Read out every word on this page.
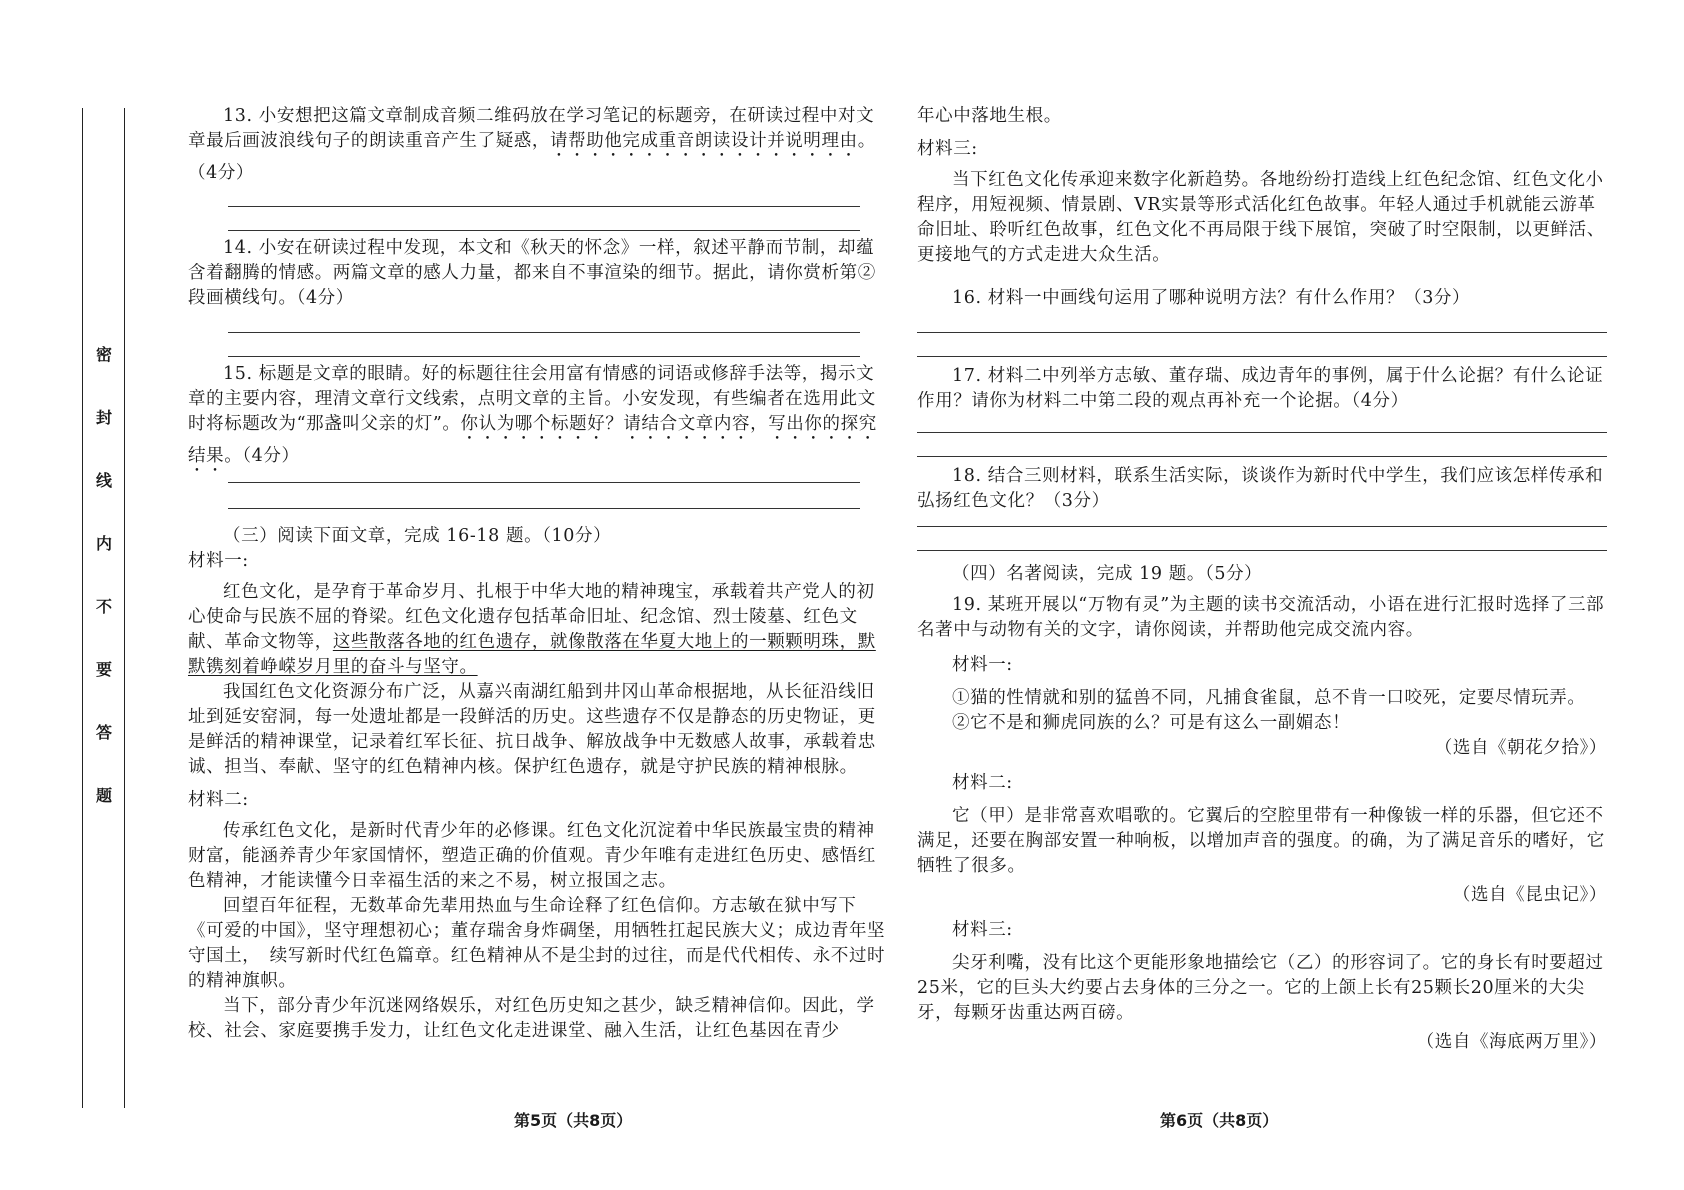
密
封
线
内
不
要
答
题

13. 小安想把这篇文章制成音频二维码放在学习笔记的标题旁，在研读过程中对文章最后画波浪线句子的朗读重音产生了疑惑，请帮助他完成重音朗读设计并说明理由。（4分）

14. 小安在研读过程中发现，本文和《秋天的怀念》一样，叙述平静而节制，却蕴含着翻腾的情感。两篇文章的感人力量，都来自不事渲染的细节。据此，请你赏析第②段画横线句。（4分）

15. 标题是文章的眼睛。好的标题往往会用富有情感的词语或修辞手法等，揭示文章的主要内容，理清文章行文线索，点明文章的主旨。小安发现，有些编者在选用此文时将标题改为“那盏叫父亲的灯”。你认为哪个标题好？请结合文章内容，写出你的探究结果。（4分）

（三）阅读下面文章，完成 16-18 题。（10分）

材料一:

红色文化，是孕育于革命岁月、扎根于中华大地的精神瑰宝，承载着共产党人的初心使命与民族不屈的脊梁。红色文化遗存包括革命旧址、纪念馆、烈士陵墓、红色文献、革命文物等，这些散落各地的红色遗存，就像散落在华夏大地上的一颗颗明珠，默默镌刻着峥嵘岁月里的奋斗与坚守。

我国红色文化资源分布广泛，从嘉兴南湖红船到井冈山革命根据地，从长征沿线旧址到延安窑洞，每一处遗址都是一段鲜活的历史。这些遗存不仅是静态的历史物证，更是鲜活的精神课堂，记录着红军长征、抗日战争、解放战争中无数感人故事，承载着忠诚、担当、奉献、坚守的红色精神内核。保护红色遗存，就是守护民族的精神根脉。

材料二:

传承红色文化，是新时代青少年的必修课。红色文化沉淀着中华民族最宝贵的精神财富，能涵养青少年家国情怀，塑造正确的价值观。青少年唯有走进红色历史、感悟红色精神，才能读懂今日幸福生活的来之不易，树立报国之志。

回望百年征程，无数革命先辈用热血与生命诠释了红色信仰。方志敏在狱中写下《可爱的中国》，坚守理想初心；董存瑞舍身炸碉堡，用牺牲扛起民族大义；成边青年坚守国土，　续写新时代红色篇章。红色精神从不是尘封的过往，而是代代相传、永不过时的精神旗帜。

当下，部分青少年沉迷网络娱乐，对红色历史知之甚少，缺乏精神信仰。因此，学校、社会、家庭要携手发力，让红色文化走进课堂、融入生活，让红色基因在青少

年心中落地生根。

材料三:

当下红色文化传承迎来数字化新趋势。各地纷纷打造线上红色纪念馆、红色文化小程序，用短视频、情景剧、VR实景等形式活化红色故事。年轻人通过手机就能云游革命旧址、聆听红色故事，红色文化不再局限于线下展馆，突破了时空限制，以更鲜活、更接地气的方式走进大众生活。

16. 材料一中画线句运用了哪种说明方法？有什么作用？（3分）

17. 材料二中列举方志敏、董存瑞、成边青年的事例，属于什么论据？有什么论证作用？请你为材料二中第二段的观点再补充一个论据。（4分）

18. 结合三则材料，联系生活实际，谈谈作为新时代中学生，我们应该怎样传承和弘扬红色文化？（3分）

（四）名著阅读，完成 19 题。（5分）

19. 某班开展以“万物有灵”为主题的读书交流活动，小语在进行汇报时选择了三部名著中与动物有关的文字，请你阅读，并帮助他完成交流内容。

材料一:

①猫的性情就和别的猛兽不同，凡捕食雀鼠，总不肯一口咬死，定要尽情玩弄。

②它不是和狮虎同族的么？可是有这么一副媚态！

（选自《朝花夕拾》）

材料二:

它（甲）是非常喜欢唱歌的。它翼后的空腔里带有一种像钹一样的乐器，但它还不满足，还要在胸部安置一种响板，以增加声音的强度。的确，为了满足音乐的嗜好，它牺牲了很多。

（选自《昆虫记》）

材料三:

尖牙利嘴，没有比这个更能形象地描绘它（乙）的形容词了。它的身长有时要超过25米，它的巨头大约要占去身体的三分之一。它的上颌上长有25颗长20厘米的大尖牙，每颗牙齿重达两百磅。

（选自《海底两万里》）

第5页（共8页）	第6页（共8页）
